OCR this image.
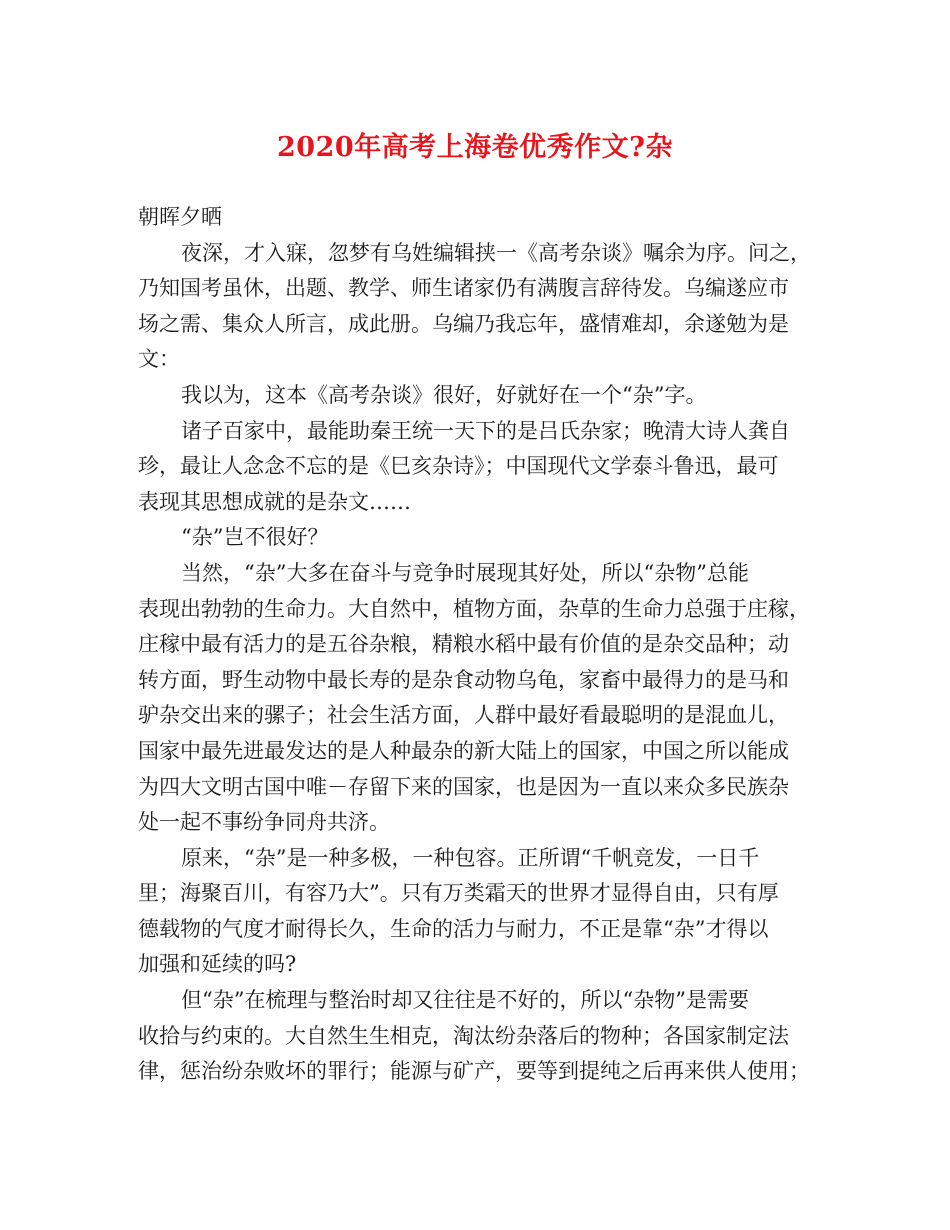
2020年高考上海卷优秀作文?杂
朝晖夕晒
夜深，才入寐，忽梦有乌姓编辑挟一《高考杂谈》嘱余为序。问之，
乃知国考虽休，出题、教学、师生诸家仍有满腹言辞待发。乌编遂应市
场之需、集众人所言，成此册。乌编乃我忘年，盛情难却，余遂勉为是
文：
我以为，这本《高考杂谈》很好，好就好在一个“杂”字。
诸子百家中，最能助秦王统一天下的是吕氏杂家；晚清大诗人龚自
珍，最让人念念不忘的是《巳亥杂诗》；中国现代文学泰斗鲁迅，最可
表现其思想成就的是杂文……
“杂”岂不很好？
当然，“杂”大多在奋斗与竞争时展现其好处，所以“杂物”总能
表现出勃勃的生命力。大自然中，植物方面，杂草的生命力总强于庄稼，
庄稼中最有活力的是五谷杂粮，精粮水稻中最有价值的是杂交品种；动
转方面，野生动物中最长寿的是杂食动物乌龟，家畜中最得力的是马和
驴杂交出来的骡子；社会生活方面，人群中最好看最聪明的是混血儿，
国家中最先进最发达的是人种最杂的新大陆上的国家，中国之所以能成
为四大文明古国中唯－存留下来的国家，也是因为一直以来众多民族杂
处一起不事纷争同舟共济。
原来，“杂”是一种多极，一种包容。正所谓“千帆竞发，一日千
里；海聚百川，有容乃大”。只有万类霜天的世界才显得自由，只有厚
德载物的气度才耐得长久，生命的活力与耐力，不正是靠“杂”才得以
加强和延续的吗?
但“杂”在梳理与整治时却又往往是不好的，所以“杂物”是需要
收拾与约束的。大自然生生相克，淘汰纷杂落后的物种；各国家制定法
律，惩治纷杂败坏的罪行；能源与矿产，要等到提纯之后再来供人使用；
